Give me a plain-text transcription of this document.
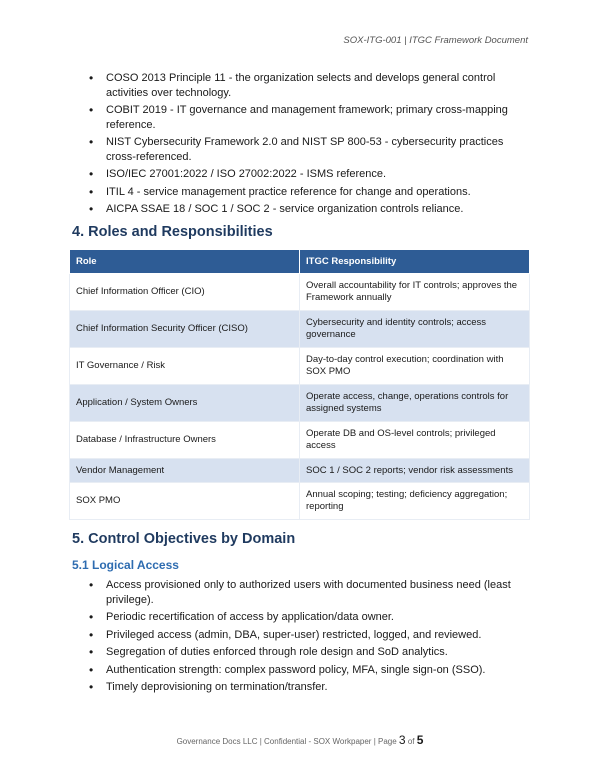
SOX-ITG-001 | ITGC Framework Document
• COSO 2013 Principle 11 - the organization selects and develops general control activities over technology.
• COBIT 2019 - IT governance and management framework; primary cross-mapping reference.
• NIST Cybersecurity Framework 2.0 and NIST SP 800-53 - cybersecurity practices cross-referenced.
• ISO/IEC 27001:2022 / ISO 27002:2022 - ISMS reference.
• ITIL 4 - service management practice reference for change and operations.
• AICPA SSAE 18 / SOC 1 / SOC 2 - service organization controls reliance.
4. Roles and Responsibilities
Role	ITGC Responsibility
Chief Information Officer (CIO)	Overall accountability for IT controls; approves the Framework annually
Chief Information Security Officer (CISO)	Cybersecurity and identity controls; access governance
IT Governance / Risk	Day-to-day control execution; coordination with SOX PMO
Application / System Owners	Operate access, change, operations controls for assigned systems
Database / Infrastructure Owners	Operate DB and OS-level controls; privileged access
Vendor Management	SOC 1 / SOC 2 reports; vendor risk assessments
SOX PMO	Annual scoping; testing; deficiency aggregation; reporting
5. Control Objectives by Domain
5.1 Logical Access
• Access provisioned only to authorized users with documented business need (least privilege).
• Periodic recertification of access by application/data owner.
• Privileged access (admin, DBA, super-user) restricted, logged, and reviewed.
• Segregation of duties enforced through role design and SoD analytics.
• Authentication strength: complex password policy, MFA, single sign-on (SSO).
• Timely deprovisioning on termination/transfer.
Governance Docs LLC | Confidential - SOX Workpaper | Page 3 of 5
